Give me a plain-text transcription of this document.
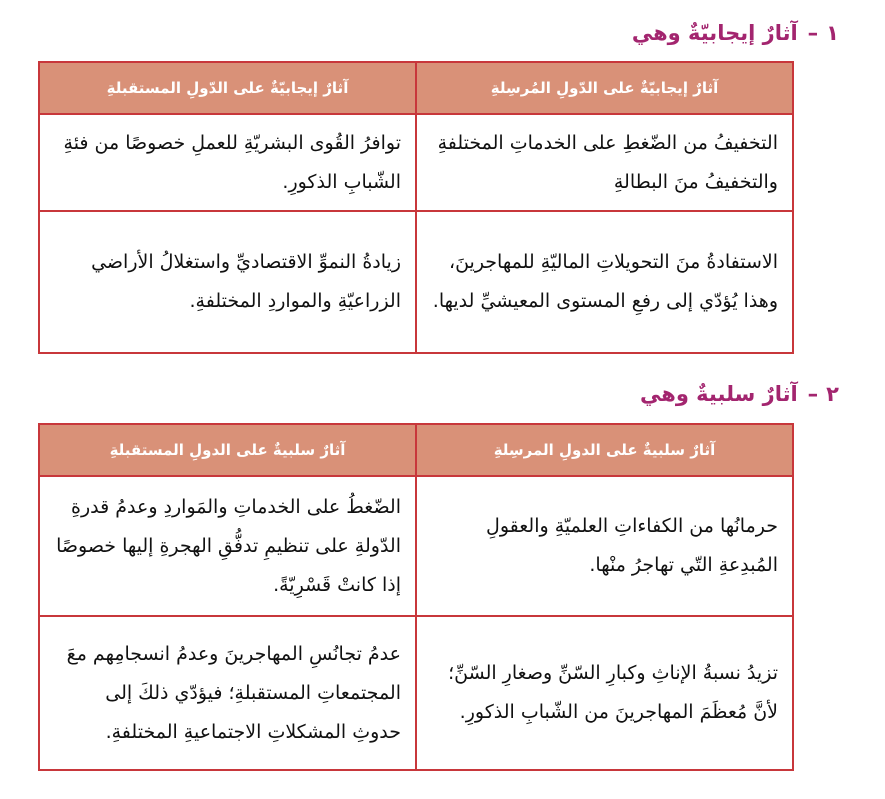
١–آثارٌ إيجابيّةٌ وهي
آثارٌ إيجابيّةٌ على الدّولِ المُرسِلةِ	آثارٌ إيجابيّةٌ على الدّولِ المستقبلةِ
التخفيفُ من الضّغطِ على الخدماتِ المختلفةِ والتخفيفُ منَ البطالةِ	توافرُ القُوى البشريّةِ للعملِ خصوصًا من فئةِ الشّبابِ الذكورِ.
الاستفادةُ منَ التحويلاتِ الماليّةِ للمهاجرينَ، وهذا يُؤدّي إلى رفعِ المستوى المعيشيِّ لديها.	زيادةُ النموِّ الاقتصاديِّ واستغلالُ الأراضي الزراعيّةِ والمواردِ المختلفةِ.
٢–آثارٌ سلبيةٌ وهي
آثارٌ سلبيةٌ على الدولِ المرسِلةِ	آثارٌ سلبيةٌ على الدولِ المستقبلةِ
حرمانُها من الكفاءاتِ العلميّةِ والعقولِ المُبدِعةِ التّي تهاجرُ منْها.	الضّغطُ على الخدماتِ والمَواردِ وعدمُ قدرةِ الدّولةِ على تنظيمِ تدفُّقِ الهجرةِ إليها خصوصًا إذا كانتْ قَسْرِيّةً.
تزيدُ نسبةُ الإناثِ وكبارِ السّنِّ وصغارِ السّنِّ؛ لأنَّ مُعظَمَ المهاجرينَ من الشّبابِ الذكورِ.	عدمُ تجانُسِ المهاجرينَ وعدمُ انسجامِهم معَ المجتمعاتِ المستقبلةِ؛ فيؤدّي ذلكَ إلى حدوثِ المشكلاتِ الاجتماعيةِ المختلفةِ.
